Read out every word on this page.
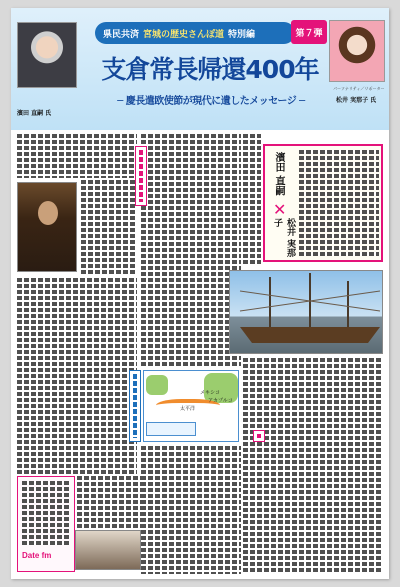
濱田 直嗣 氏
県民共済 宮城の歴史さんぽ道 特別編	第７弾
支倉常長帰還400年
─ 慶長遣欧使節が現代に遺したメッセージ ─
パーソナリティ／リポーター
松井 実那子 氏
濱田 直嗣
✕
松井 実那子
メキシコ
太平洋
アカプルコ
Date fm
